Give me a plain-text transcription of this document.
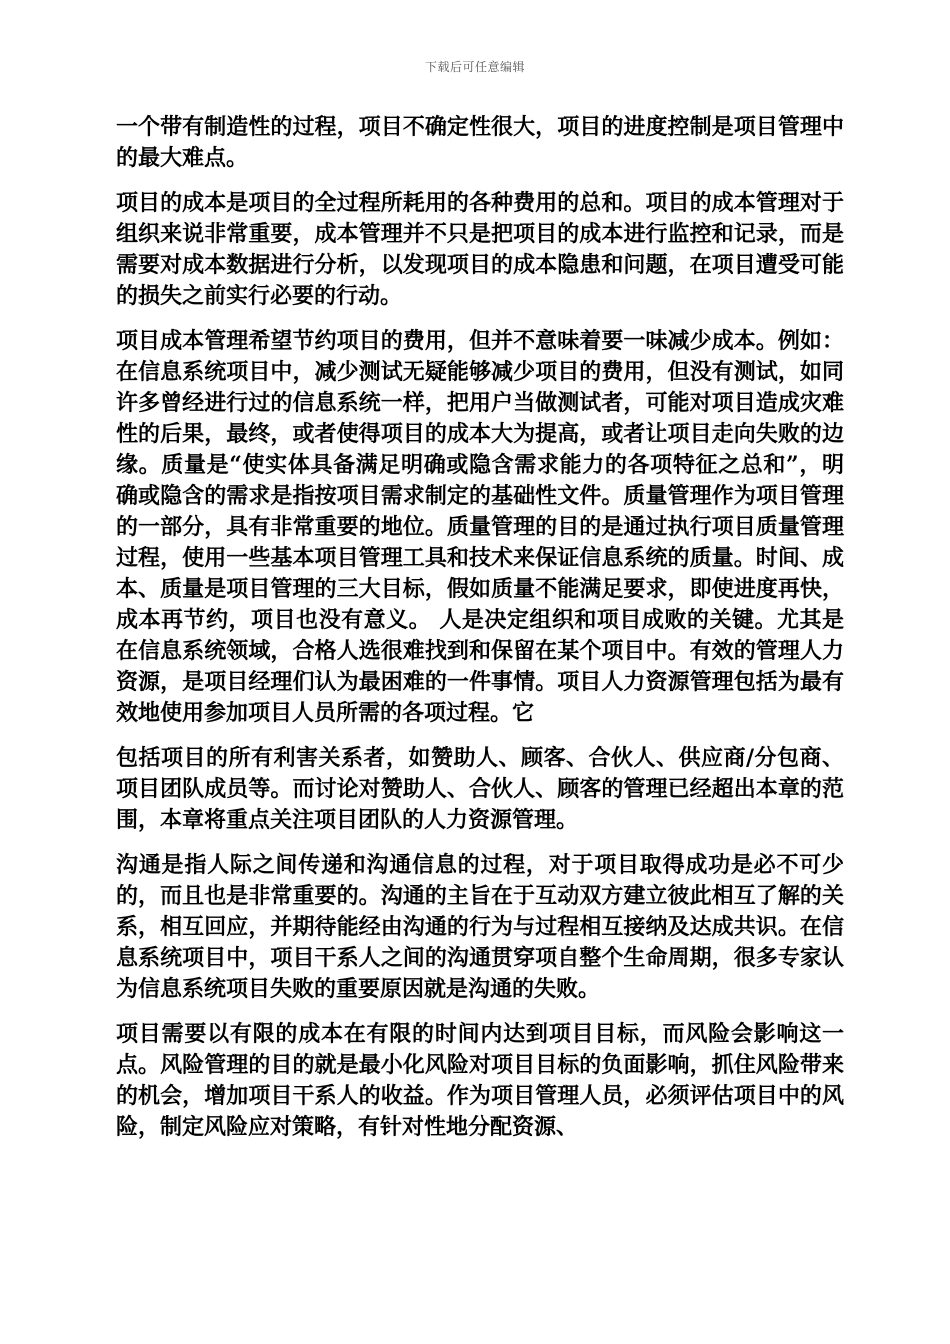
下载后可任意编辑

一个带有制造性的过程，项目不确定性很大，项目的进度控制是项目管理中的最大难点。

项目的成本是项目的全过程所耗用的各种费用的总和。项目的成本管理对于组织来说非常重要，成本管理并不只是把项目的成本进行监控和记录，而是需要对成本数据进行分析，以发现项目的成本隐患和问题，在项目遭受可能的损失之前实行必要的行动。

项目成本管理希望节约项目的费用，但并不意味着要一味减少成本。例如：在信息系统项目中，减少测试无疑能够减少项目的费用，但没有测试，如同许多曾经进行过的信息系统一样，把用户当做测试者，可能对项目造成灾难性的后果，最终，或者使得项目的成本大为提高，或者让项目走向失败的边缘。质量是“使实体具备满足明确或隐含需求能力的各项特征之总和”，明确或隐含的需求是指按项目需求制定的基础性文件。质量管理作为项目管理的一部分，具有非常重要的地位。质量管理的目的是通过执行项目质量管理过程，使用一些基本项目管理工具和技术来保证信息系统的质量。时间、成本、质量是项目管理的三大目标，假如质量不能满足要求，即使进度再快，成本再节约，项目也没有意义。 人是决定组织和项目成败的关键。尤其是在信息系统领域，合格人选很难找到和保留在某个项目中。有效的管理人力资源，是项目经理们认为最困难的一件事情。项目人力资源管理包括为最有效地使用参加项目人员所需的各项过程。它

包括项目的所有利害关系者，如赞助人、顾客、合伙人、供应商/分包商、项目团队成员等。而讨论对赞助人、合伙人、顾客的管理已经超出本章的范围，本章将重点关注项目团队的人力资源管理。

沟通是指人际之间传递和沟通信息的过程，对于项目取得成功是必不可少的，而且也是非常重要的。沟通的主旨在于互动双方建立彼此相互了解的关系，相互回应，并期待能经由沟通的行为与过程相互接纳及达成共识。在信息系统项目中，项目干系人之间的沟通贯穿项自整个生命周期，很多专家认为信息系统项目失败的重要原因就是沟通的失败。

项目需要以有限的成本在有限的时间内达到项目目标，而风险会影响这一点。风险管理的目的就是最小化风险对项目目标的负面影响，抓住风险带来的机会，增加项目干系人的收益。作为项目管理人员，必须评估项目中的风险，制定风险应对策略，有针对性地分配资源、
